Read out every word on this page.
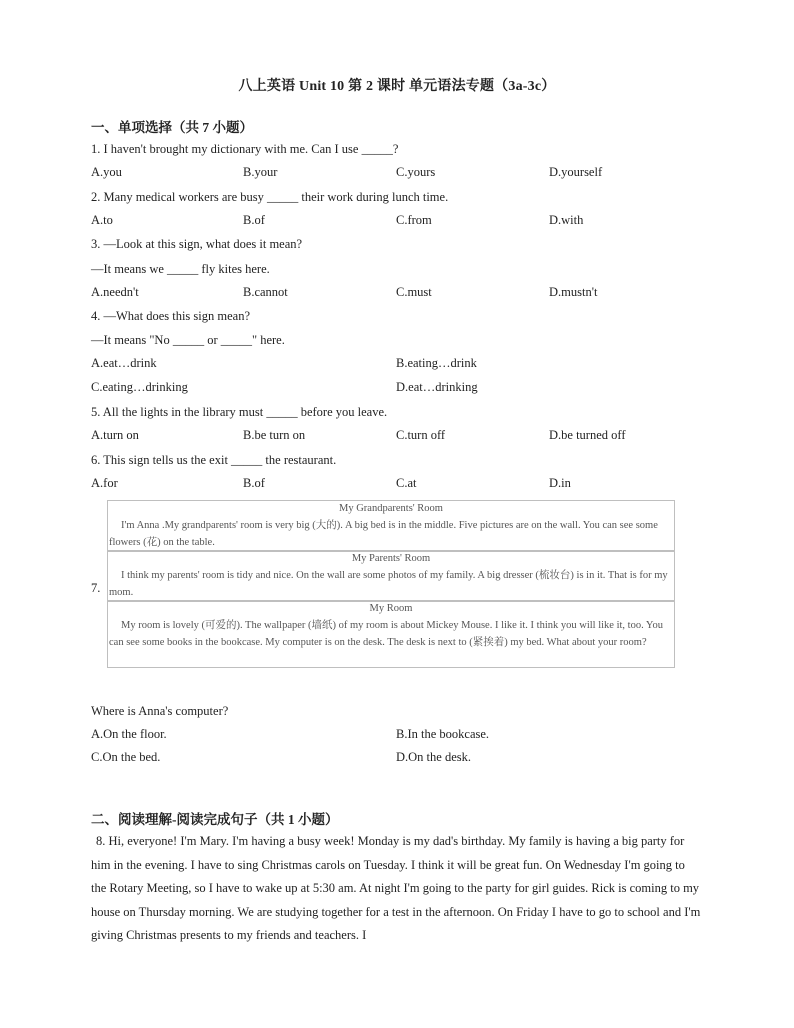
八上英语 Unit 10 第 2 课时 单元语法专题（3a-3c）
一、单项选择（共 7 小题）
1. I haven't brought my dictionary with me. Can I use _____?
A.you	B.your	C.yours	D.yourself
2. Many medical workers are busy _____ their work during lunch time.
A.to	B.of	C.from	D.with
3. —Look at this sign, what does it mean?
—It means we _____ fly kites here.
A.needn't	B.cannot	C.must	D.mustn't
4. —What does this sign mean?
—It means "No _____ or _____" here.
A.eat…drink	B.eating…drink
C.eating…drinking	D.eat…drinking
5. All the lights in the library must _____ before you leave.
A.turn on	B.be turn on	C.turn off	D.be turned off
6. This sign tells us the exit _____ the restaurant.
A.for	B.of	C.at	D.in
7.
My Grandparents' Room
I'm Anna .My grandparents' room is very big (大的). A big bed is in the middle. Five pictures are on the wall. You can see some flowers (花) on the table.
My Parents' Room
I think my parents' room is tidy and nice. On the wall are some photos of my family. A big dresser (梳妆台) is in it. That is for my mom.
My Room
My room is lovely (可爱的). The wallpaper (墙纸) of my room is about Mickey Mouse. I like it. I think you will like it, too. You can see some books in the bookcase. My computer is on the desk. The desk is next to (紧挨着) my bed. What about your room?
Where is Anna's computer?
A.On the floor.	B.In the bookcase.
C.On the bed.	D.On the desk.
二、阅读理解-阅读完成句子（共 1 小题）
8. Hi, everyone! I'm Mary. I'm having a busy week! Monday is my dad's birthday. My family is having a big party for him in the evening. I have to sing Christmas carols on Tuesday. I think it will be great fun. On Wednesday I'm going to the Rotary Meeting, so I have to wake up at 5:30 am. At night I'm going to the party for girl guides. Rick is coming to my house on Thursday morning. We are studying together for a test in the afternoon. On Friday I have to go to school and I'm giving Christmas presents to my friends and teachers. I
